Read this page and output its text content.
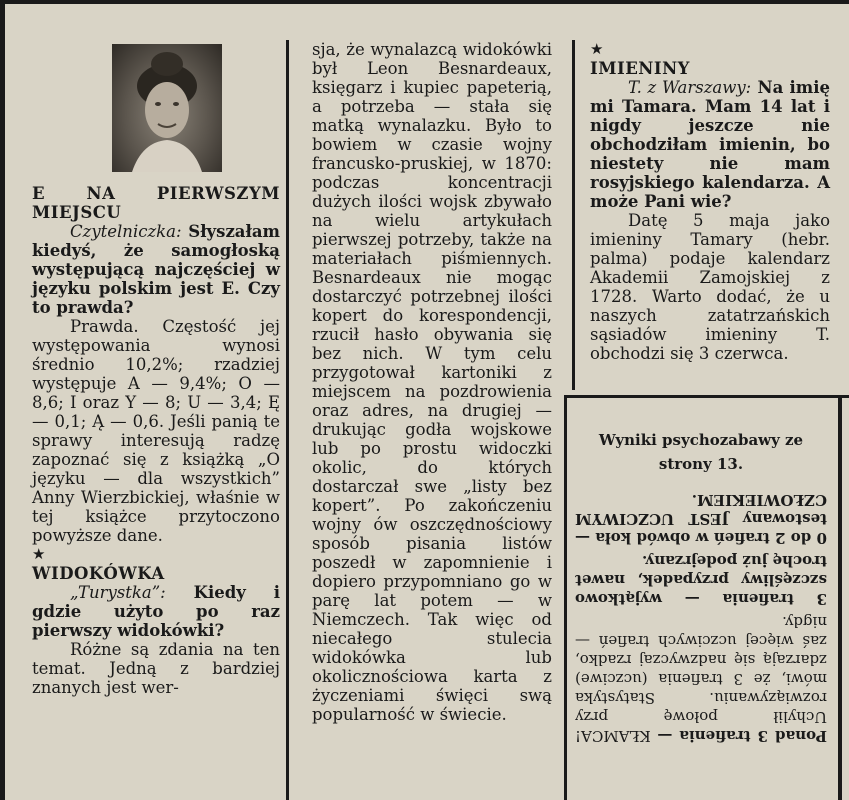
E NA PIERWSZYM MIEJSCU

Czytelniczka: Słyszałam kiedyś, że samogłoską występującą najczęściej w języku polskim jest E. Czy to prawda?

Prawda. Częstość jej występowania wynosi średnio 10,2%; rzadziej występuje A — 9,4%; O — 8,6; I oraz Y — 8; U — 3,4; Ę — 0,1; Ą — 0,6. Jeśli panią te sprawy interesują radzę zapoznać się z książką „O języku — dla wszystkich” Anny Wierzbickiej, właśnie w tej książce przytoczono powyższe dane.

★

WIDOKÓWKA

„Turystka”: Kiedy i gdzie użyto po raz pierwszy widokówki?

Różne są zdania na ten temat. Jedną z bardziej znanych jest wer-

sja, że wynalazcą widokówki był Leon Besnardeaux, księgarz i kupiec papeterią, a potrzeba — stała się matką wynalazku. Było to bowiem w czasie wojny francusko-pruskiej, w 1870: podczas koncentracji dużych ilości wojsk zbywało na wielu artykułach pierwszej potrzeby, także na materiałach piśmiennych. Besnardeaux nie mogąc dostarczyć potrzebnej ilości kopert do korespondencji, rzucił hasło obywania się bez nich. W tym celu przygotował kartoniki z miejscem na pozdrowienia oraz adres, na drugiej — drukując godła wojskowe lub po prostu widoczki okolic, do których dostarczał swe „listy bez kopert”. Po zakończeniu wojny ów oszczędnościowy sposób pisania listów poszedł w zapomnienie i dopiero przypomniano go w parę lat potem — w Niemczech. Tak więc od niecałego stulecia widokówka lub okolicznościowa karta z życzeniami święci swą popularność w świecie.

★

IMIENINY

T. z Warszawy: Na imię mi Tamara. Mam 14 lat i nigdy jeszcze nie obchodziłam imienin, bo niestety nie mam rosyjskiego kalendarza. A może Pani wie?

Datę 5 maja jako imieniny Tamary (hebr. palma) podaje kalendarz Akademii Zamojskiej z 1728. Warto dodać, że u naszych zatatrzańskich sąsiadów imieniny T. obchodzi się 3 czerwca.

Wyniki psychozabawy ze strony 13.

Ponad 3 trafienia — KŁAMCA! Uchylił połowę przy rozwiązywaniu. Statystyka mówi, że 3 trafienia (uczciwe) zdarzają się nadzwyczaj rzadko, zaś więcej uczciwych trafień — nigdy.

3 trafienia — wyjątkowo szczęśliwy przypadek, nawet trochę już podejrzany.

0 do 2 trafień w obwód koła — testowany JEST UCZCIWYM CZŁOWIEKIEM.
